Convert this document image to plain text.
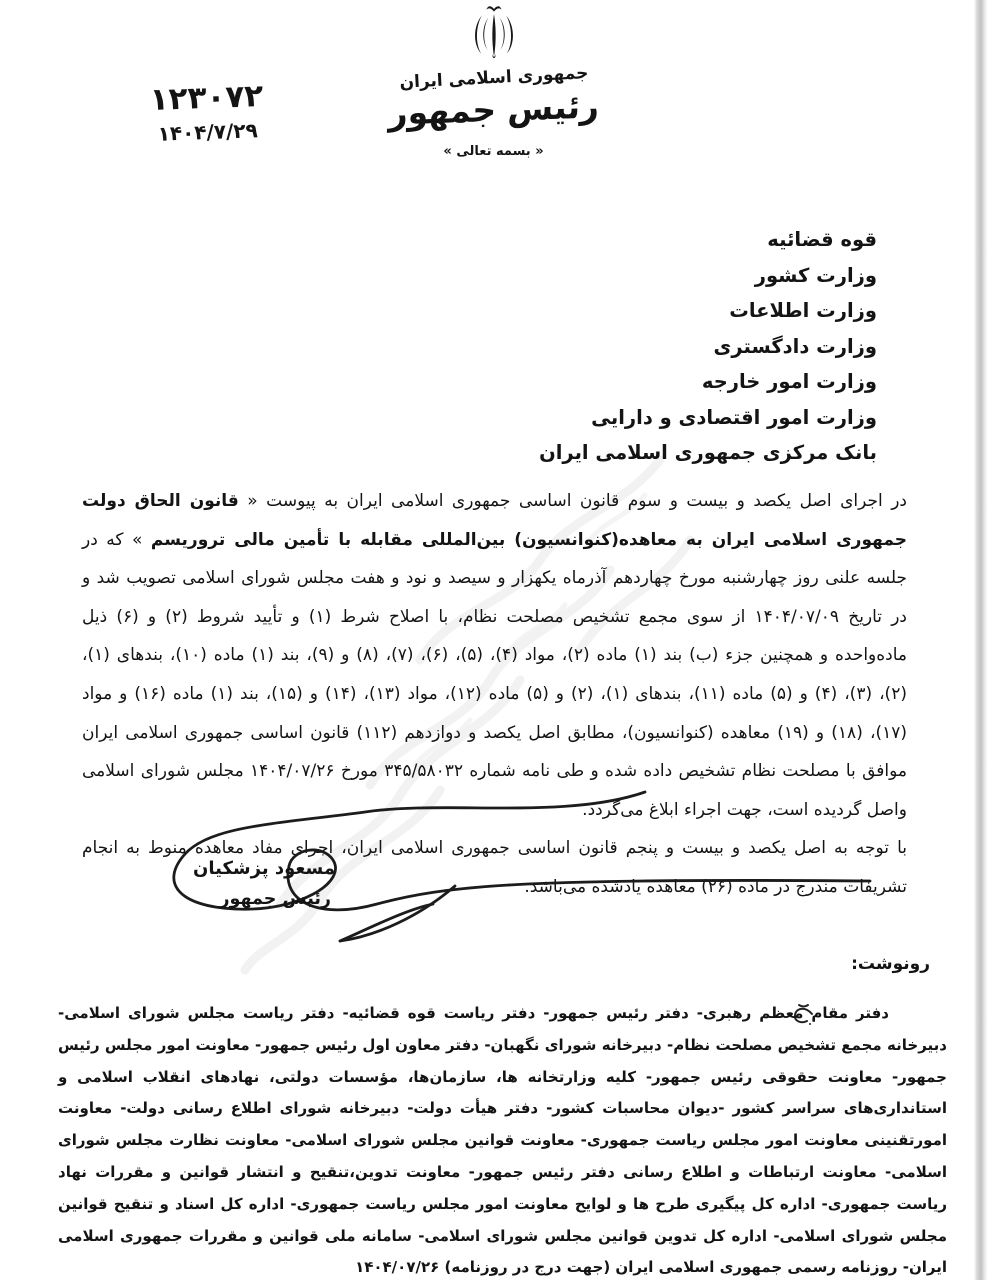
جمهوری اسلامی ایران
رئیس جمهور
« بسمه تعالی »
۱۲۳۰۷۲
۱۴۰۴/۷/۲۹
قوه قضائیه
وزارت کشور
وزارت اطلاعات
وزارت دادگستری
وزارت امور خارجه
وزارت امور اقتصادی و دارایی
بانک مرکزی جمهوری اسلامی ایران

در اجرای اصل یکصد و بیست و سوم قانون اساسی جمهوری اسلامی ایران به پیوست « قانون الحاق دولت جمهوری اسلامی ایران به معاهده(کنوانسیون) بین‌المللی مقابله با تأمین مالی تروریسم » که در جلسه علنی روز چهارشنبه مورخ چهاردهم آذرماه یکهزار و سیصد و نود و هفت مجلس شورای اسلامی تصویب شد و در تاریخ ۱۴۰۴/۰۷/۰۹ از سوی مجمع تشخیص مصلحت نظام، با اصلاح شرط (۱) و تأیید شروط (۲) و (۶) ذیل ماده‌واحده و همچنین جزء (ب) بند (۱) ماده (۲)، مواد (۴)، (۵)، (۶)، (۷)، (۸) و (۹)، بند (۱) ماده (۱۰)، بندهای (۱)، (۲)، (۳)، (۴) و (۵) ماده (۱۱)، بندهای (۱)، (۲) و (۵) ماده (۱۲)، مواد (۱۳)، (۱۴) و (۱۵)، بند (۱) ماده (۱۶) و مواد (۱۷)، (۱۸) و (۱۹) معاهده (کنوانسیون)، مطابق اصل یکصد و دوازدهم (۱۱۲) قانون اساسی جمهوری اسلامی ایران موافق با مصلحت نظام تشخیص داده شده و طی نامه شماره ۳۴۵/۵۸۰۳۲ مورخ ۱۴۰۴/۰۷/۲۶ مجلس شورای اسلامی واصل گردیده است، جهت اجراء ابلاغ می‌گردد.

با توجه به اصل یکصد و بیست و پنجم قانون اساسی جمهوری اسلامی ایران، اجرای مفاد معاهده منوط به انجام تشریفات مندرج در ماده (۲۶) معاهده یادشده می‌باشد.

مسعود پزشکیان
رئیس جمهور
رونوشت:

دفتر مقام معظم رهبری- دفتر رئیس جمهور- دفتر ریاست قوه قضائیه- دفتر ریاست مجلس شورای اسلامی- دبیرخانه مجمع تشخیص مصلحت نظام- دبیرخانه شورای نگهبان- دفتر معاون اول رئیس جمهور- معاونت امور مجلس رئیس جمهور- معاونت حقوقی رئیس جمهور- کلیه وزارتخانه ها، سازمان‌ها، مؤسسات دولتی، نهادهای انقلاب اسلامی و استانداری‌های سراسر کشور -دیوان محاسبات کشور- دفتر هیأت دولت- دبیرخانه شورای اطلاع رسانی دولت- معاونت امورتقنینی معاونت امور مجلس ریاست جمهوری- معاونت قوانین مجلس شورای اسلامی- معاونت نظارت مجلس شورای اسلامی- معاونت ارتباطات و اطلاع رسانی دفتر رئیس جمهور- معاونت تدوین،تنقیح و انتشار قوانین و مقررات نهاد ریاست جمهوری- اداره کل پیگیری طرح ها و لوایح معاونت امور مجلس ریاست جمهوری- اداره کل اسناد و تنقیح قوانین مجلس شورای اسلامی- اداره کل تدوین قوانین مجلس شورای اسلامی- سامانه ملی قوانین و مقررات جمهوری اسلامی ایران- روزنامه رسمی جمهوری اسلامی ایران (جهت درج در روزنامه) ۱۴۰۴/۰۷/۲۶
